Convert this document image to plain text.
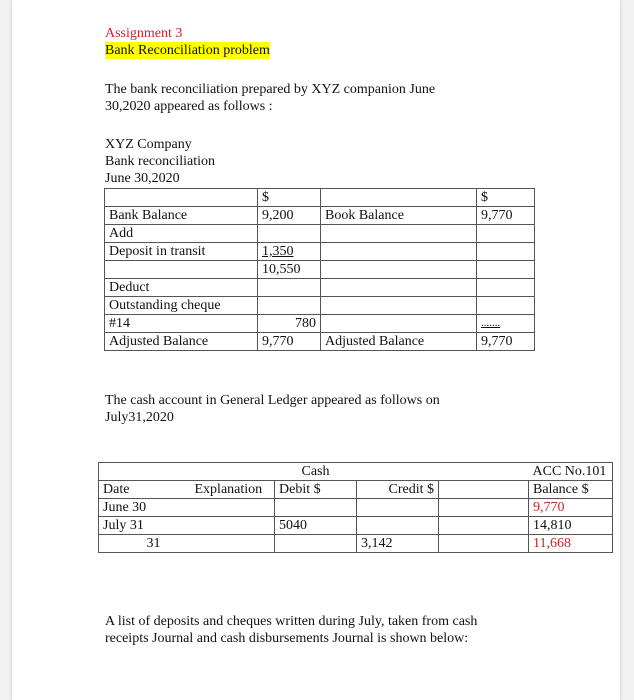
Assignment 3
Bank Reconciliation problem
The bank reconciliation prepared by XYZ companion June
30,2020 appeared as follows :
XYZ Company
Bank reconciliation
June 30,2020
	$		$
Bank Balance	9,200	Book Balance	9,770
Add			
Deposit in transit	1,350		
	10,550		
Deduct			
Outstanding cheque			
#14	780		.......
Adjusted Balance	9,770	Adjusted Balance	9,770
The cash account in General Ledger appeared as follows on
July31,2020
		Cash			ACC No.101
Date	Explanation	Debit $	Credit $		Balance $
June 30					9,770
July 31		5040			14,810
31			3,142		11,668
A list of deposits and cheques written during July, taken from cash
receipts Journal and cash disbursements Journal is shown below:
